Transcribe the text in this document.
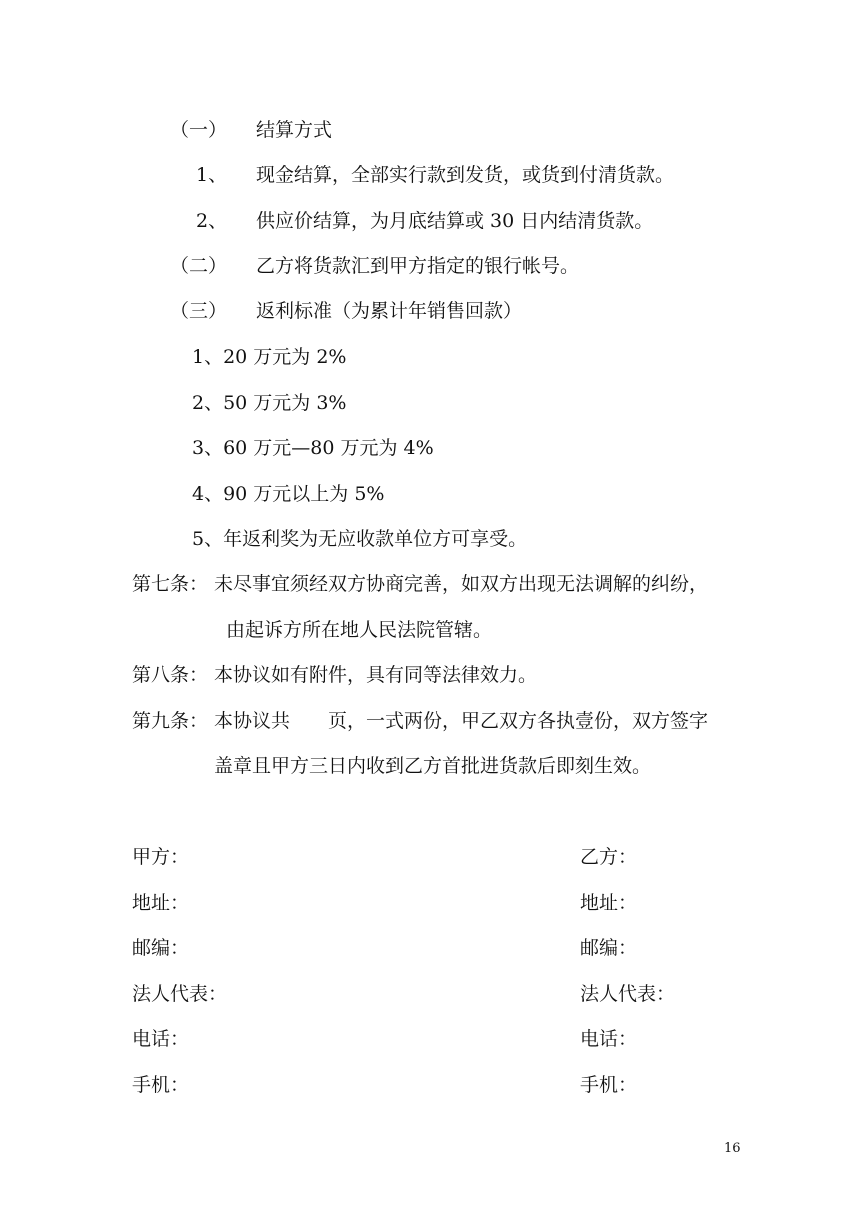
（一） 结算方式
1、 现金结算，全部实行款到发货，或货到付清货款。
2、 供应价结算，为月底结算或 30 日内结清货款。
（二） 乙方将货款汇到甲方指定的银行帐号。
（三） 返利标准（为累计年销售回款）
1、20 万元为 2%
2、50 万元为 3%
3、60 万元—80 万元为 4%
4、90 万元以上为 5%
5、年返利奖为无应收款单位方可享受。
第七条： 未尽事宜须经双方协商完善，如双方出现无法调解的纠纷，
由起诉方所在地人民法院管辖。
第八条： 本协议如有附件，具有同等法律效力。
第九条： 本协议共　　页，一式两份，甲乙双方各执壹份，双方签字
盖章且甲方三日内收到乙方首批进货款后即刻生效。
甲方：	乙方：
地址：	地址：
邮编：	邮编：
法人代表：	法人代表：
电话：	电话：
手机：	手机：
16
